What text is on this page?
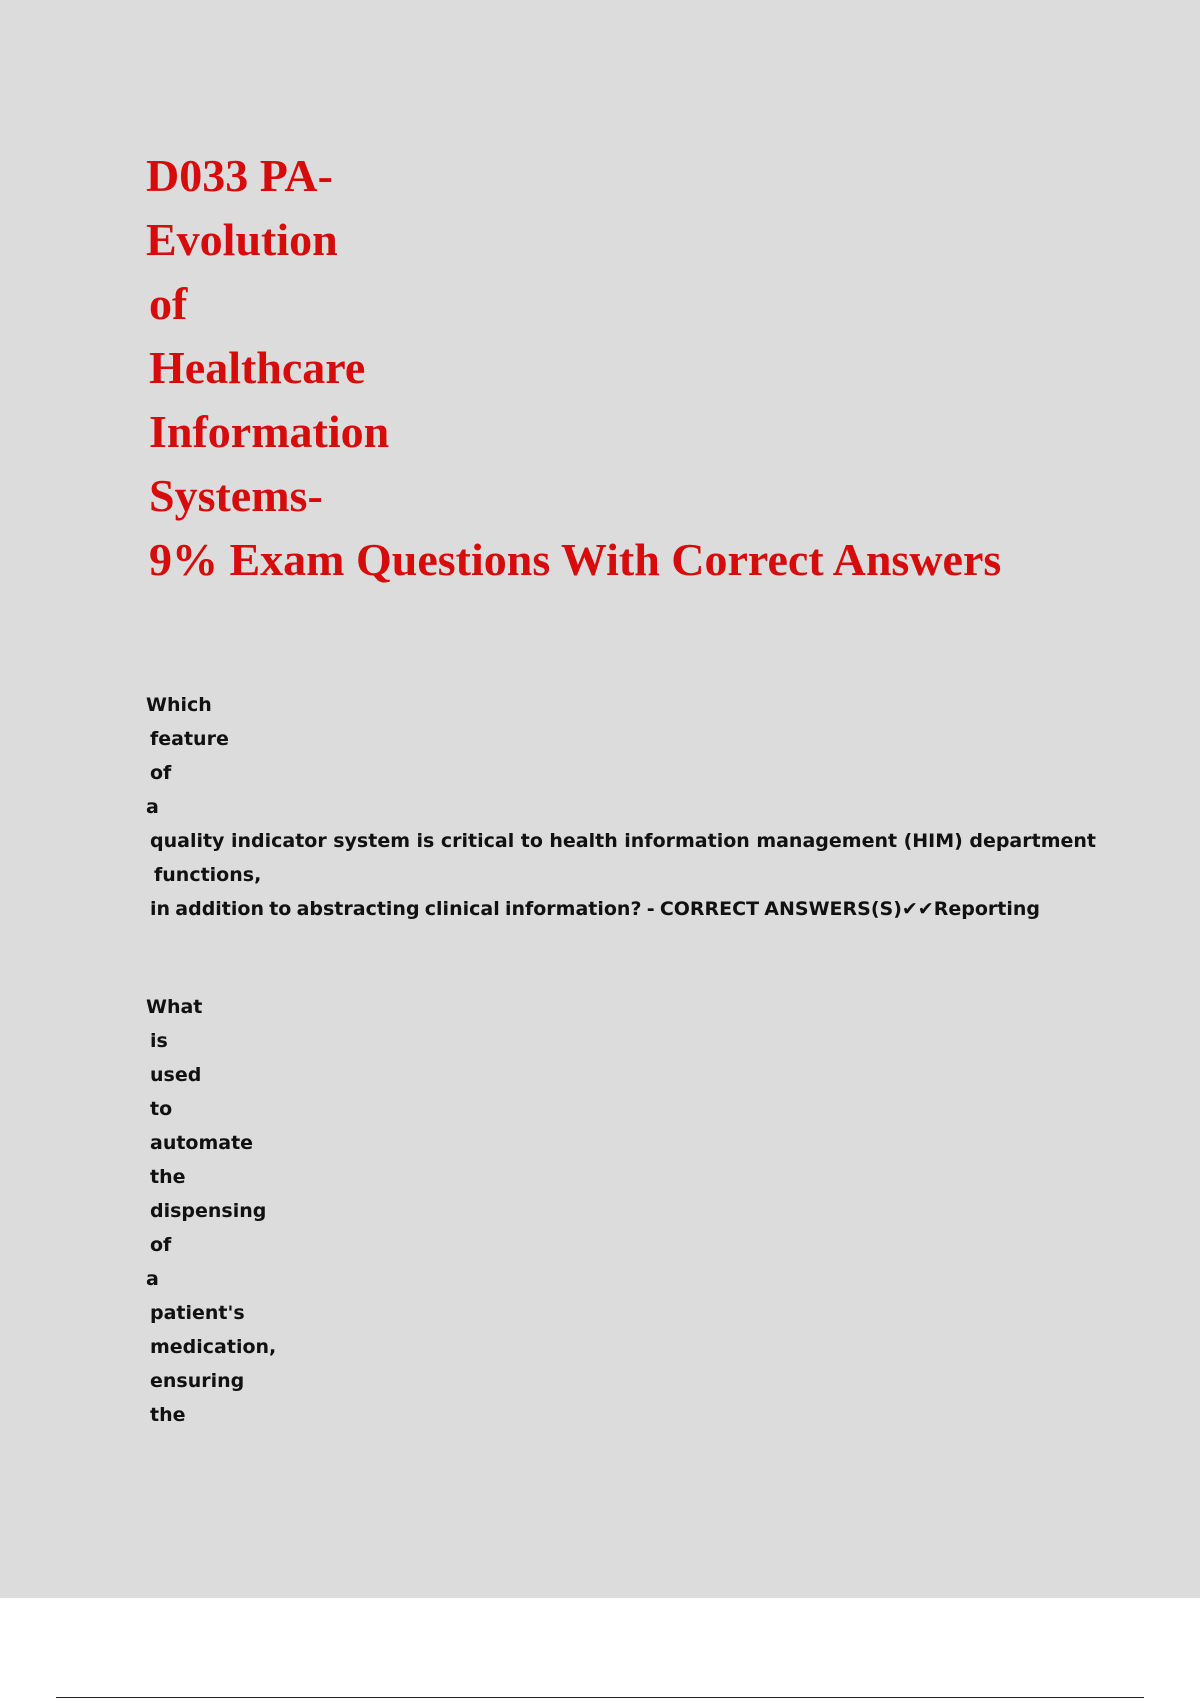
D033 PA-
Evolution
of
Healthcare
Information
Systems-
9% Exam Questions With Correct Answers
Which
feature
of
a
quality indicator system is critical to health information management (HIM) department
functions,
in addition to abstracting clinical information? - CORRECT ANSWERS(S)✔✔Reporting
What
is
used
to
automate
the
dispensing
of
a
patient's
medication,
ensuring
the
